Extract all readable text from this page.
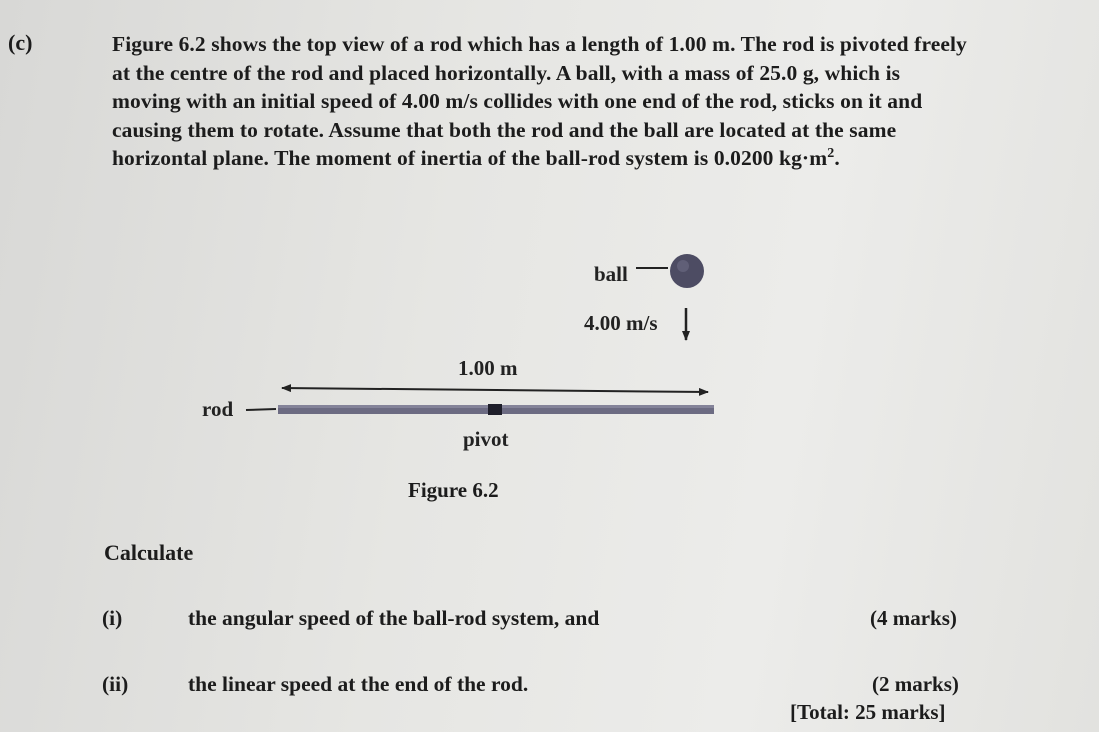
(c)	Figure 6.2 shows the top view of a rod which has a length of 1.00 m. The rod is pivoted freely at the centre of the rod and placed horizontally. A ball, with a mass of 25.0 g, which is moving with an initial speed of 4.00 m/s collides with one end of the rod, sticks on it and causing them to rotate. Assume that both the rod and the ball are located at the same horizontal plane. The moment of inertia of the ball-rod system is 0.0200 $kg\cdot m^2$.
ball
4.00 m/s
1.00 m
rod
pivot
Figure 6.2
Calculate
(i)	the angular speed of the ball-rod system, and	(4 marks)
(ii)	the linear speed at the end of the rod.	(2 marks)
[Total: 25 marks]
